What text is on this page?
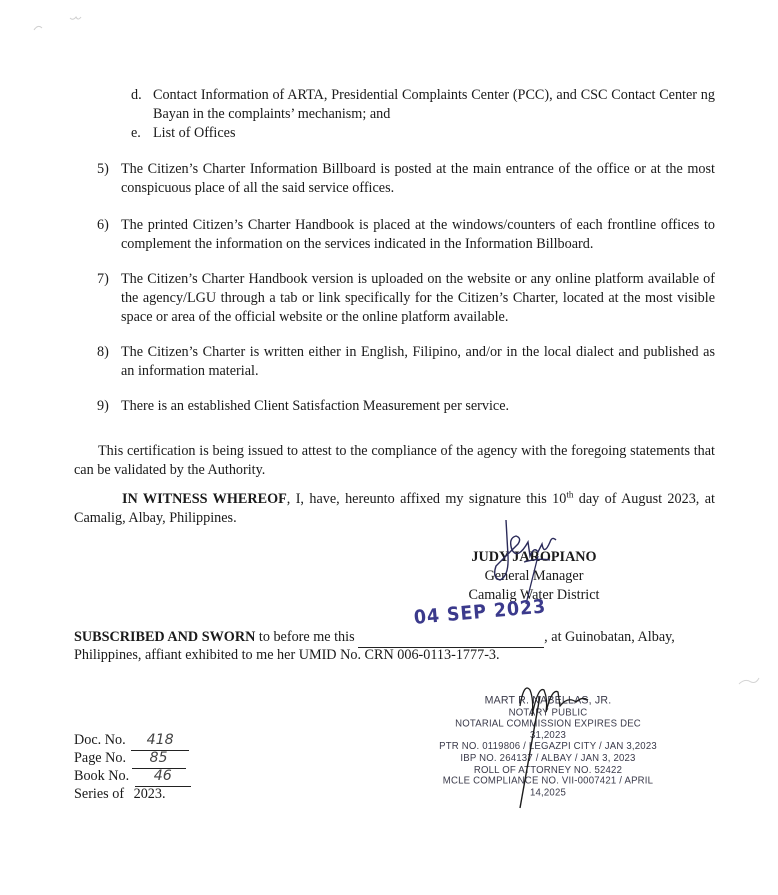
d. Contact Information of ARTA, Presidential Complaints Center (PCC), and CSC Contact Center ng Bayan in the complaints’ mechanism; and
e. List of Offices
5) The Citizen’s Charter Information Billboard is posted at the main entrance of the office or at the most conspicuous place of all the said service offices.
6) The printed Citizen’s Charter Handbook is placed at the windows/counters of each frontline offices to complement the information on the services indicated in the Information Billboard.
7) The Citizen’s Charter Handbook version is uploaded on the website or any online platform available of the agency/LGU through a tab or link specifically for the Citizen’s Charter, located at the most visible space or area of the official website or the online platform available.
8) The Citizen’s Charter is written either in English, Filipino, and/or in the local dialect and published as an information material.
9) There is an established Client Satisfaction Measurement per service.
This certification is being issued to attest to the compliance of the agency with the foregoing statements that can be validated by the Authority.
IN WITNESS WHEREOF, I, have, hereunto affixed my signature this 10th day of August 2023, at Camalig, Albay, Philippines.
JUDY JAROPIANO
General Manager
Camalig Water District
SUBSCRIBED AND SWORN to before me this	, at Guinobatan, Albay,
Philippines, affiant exhibited to me her UMID No. CRN 006-0113-1777-3.
04 SEP 2023
MART R. NABELLAS, JR.
NOTARY PUBLIC
NOTARIAL COMMISSION EXPIRES DEC 31,2023
PTR NO. 0119806 / LEGAZPI CITY / JAN 3,2023
IBP NO. 264137 / ALBAY / JAN 3, 2023
ROLL OF ATTORNEY NO. 52422
MCLE COMPLIANCE NO. VII-0007421 / APRIL 14,2025
Doc. No. 418
Page No. 85
Book No. 46
Series of 2023.
